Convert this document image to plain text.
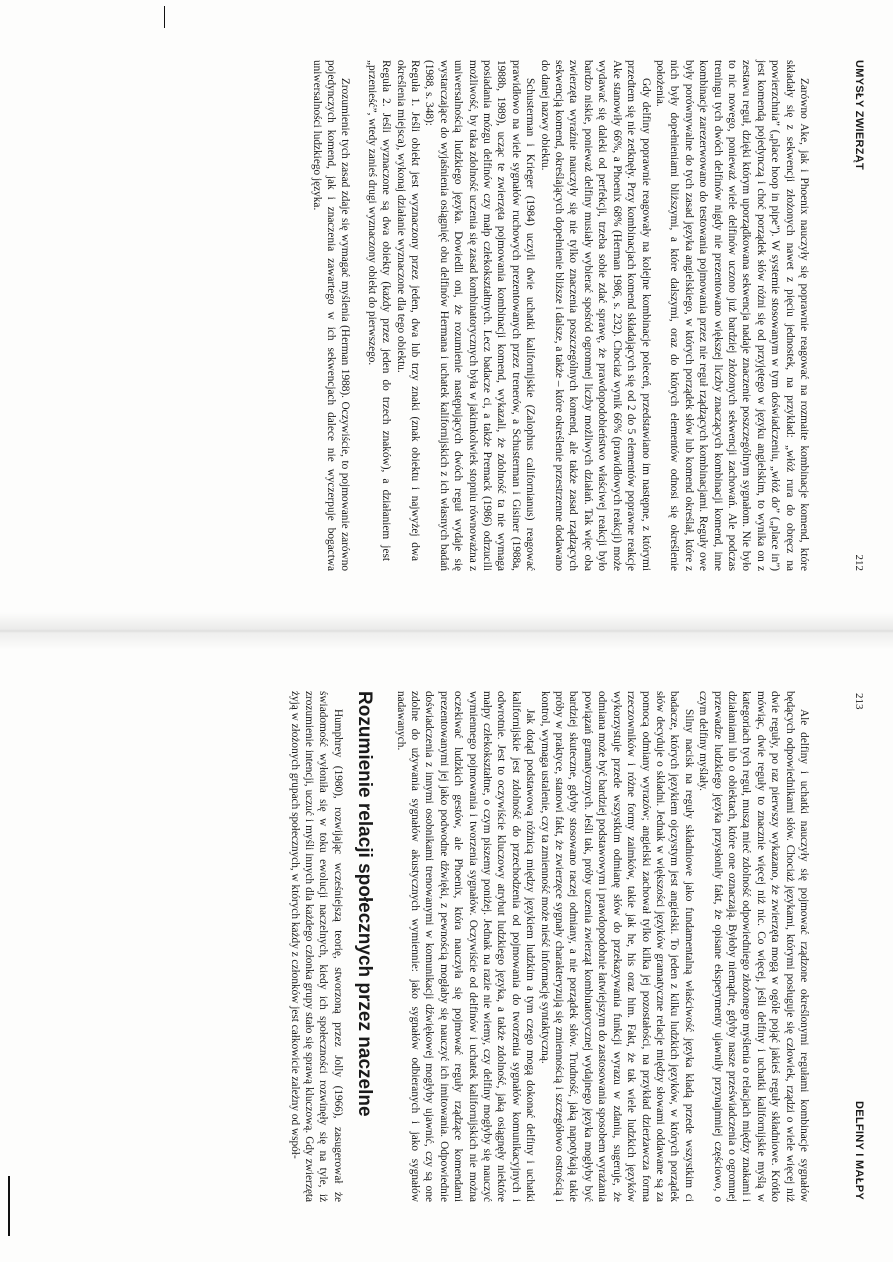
UMYSŁY ZWIERZĄT
212

Zarówno Ake, jak i Phoenix nauczyły się poprawnie reagować na rozmaite kombinacje komend, które składały się z sekwencji złożonych nawet z pięciu jednostek, na przykład: „włóż rura do obręcz na powierzchnia” („place hoop in pipe”). W systemie stosowanym w tym doświadczeniu, „włóż do” („place in”) jest komendą pojedynczą i choć porządek słów różni się od przyjętego w języku angielskim, to wynika on z zestawu reguł, dzięki którym uporządkowana sekwencja nadaje znaczenie poszczególnym sygnałom. Nie było to nic nowego, ponieważ wiele delfinów uczono już bardziej złożonych sekwencji zachowań. Ale podczas treningu tych dwóch delfinów nigdy nie prezentowano większej liczby znaczących kombinacji komend, inne kombinacje zarezerwowano do testowania pojmowania przez nie reguł rządzących kombinacjami. Reguły owe były porównywalne do tych zasad języka angielskiego, w których porządek słów lub komend określał, które z nich były dopełnieniami bliższymi, a które dalszymi, oraz do których elementów odnosi się określenie położenia.

Gdy delfiny poprawnie reagowały na kolejne kombinacje poleceń, przedstawiano im następne, z którymi przedtem się nie zetknęły. Przy kombinacjach komend składających się od 2 do 5 elementów poprawne reakcje Ake stanowiły 66%, a Phoenix 68% (Herman 1986, s. 232). Chociaż wynik 66% (prawidłowych reakcji) może wydawać się daleki od perfekcji, trzeba sobie zdać sprawę, że prawdopodobieństwo właściwej reakcji było bardzo niskie, ponieważ delfiny musiały wybierać spośród ogromnej liczby możliwych działań. Tak więc oba zwierzęta wyraźnie nauczyły się nie tylko znaczenia poszczególnych komend, ale także zasad rządzących sekwencją komend, określających dopełnienie bliższe i dalsze, a także – które określenie przestrzenne dodawano do danej nazwy obiektu.

Schusterman i Krieger (1984) uczyli dwie uchatki kalifornijskie (Zalophus californianus) reagować prawidłowo na wiele sygnałów ruchowych prezentowanych przez trenerów, a Schusterman i Gisiner (1988a, 1988b, 1989), ucząc te zwierzęta pojmowania kombinacji komend, wykazali, że zdolność ta nie wymaga posiadania mózgu delfinów czy małp człekokształtnych. Lecz badacze ci, a także Premack (1986) odrzucili możliwość, by taka zdolność uczenia się zasad kombinatorycznych była w jakimkolwiek stopniu równoważna z uniwersalnością ludzkiego języka. Dowiedli oni, że rozumienie następujących dwóch reguł wydaje się wystarczające do wyjaśnienia osiągnięć obu delfinów Hermana i uchatek kalifornijskich z ich własnych badań (1988, s. 348):

Reguła 1. Jeśli obiekt jest wyznaczony przez jeden, dwa lub trzy znaki (znak obiektu i najwyżej dwa określenia miejsca), wykonaj działanie wyznaczone dla tego obiektu.

Reguła 2. Jeśli wyznaczone są dwa obiekty (każdy przez jeden do trzech znaków), a działaniem jest „przenieść”, wtedy zanieś drugi wyznaczony obiekt do pierwszego.

Zrozumienie tych zasad zdaje się wymagać myślenia (Herman 1988). Oczywiście, to pojmowanie zarówno pojedynczych komend, jak i znaczenia zawartego w ich sekwencjach dalece nie wyczerpuje bogactwa uniwersalności ludzkiego języka.

DELFINY I MAŁPY
213

Ale delfiny i uchatki nauczyły się pojmować rządzone określonymi regułami kombinacje sygnałów będących odpowiednikami słów. Chociaż językami, którymi posługuje się człowiek, rządzi o wiele więcej niż dwie reguły, po raz pierwszy wykazano, że zwierzęta mogą w ogóle pojąć jakieś reguły składniowe. Krótko mówiąc, dwie reguły to znacznie więcej niż nic. Co więcej, jeśli delfiny i uchatki kalifornijskie myślą w kategoriach tych reguł, muszą mieć zdolność odpowiedniego złożonego myślenia o relacjach między znakami i działaniami lub o obiektach, które one oznaczają. Byłoby niemądre, gdyby nasze przeświadczenia o ogromnej przewadze ludzkiego języka przysłoniły fakt, że opisane eksperymenty ujawniły przynajmniej częściowo, o czym delfiny myślały.

Silny nacisk na reguły składniowe jako fundamentalną właściwość języka kładą przede wszystkim ci badacze, których językiem ojczystym jest angielski. To jeden z kilku ludzkich języków, w których porządek słów decyduje o składni. Jednak w większości języków gramatyczne relacje między słowami oddawane są za pomocą odmiany wyrazów; angielski zachował tylko kilka jej pozostałości, na przykład dzierżawcza forma rzeczowników i różne formy zaimków, takie jak he, his oraz him. Fakt, że tak wiele ludzkich języków wykorzystuje przede wszystkim odmianę słów do przekazywania funkcji wyrazu w zdaniu, sugeruje, że odmiana może być bardziej podstawowym i prawdopodobnie łatwiejszym do zastosowania sposobem wyrażania powiązań gramatycznych. Jeśli tak, próby uczenia zwierząt kombinatorycznej wydajnego języka mogłyby być bardziej skuteczne, gdyby stosowano raczej odmiany, a nie porządek słów. Trudność, jaką napotykają takie próby w praktyce, stanowi fakt, że zwierzęce sygnały charakteryzują się zmiennością i szczegółowo ostrością i kontrol, wymaga ustalenie, czy ta zmienność może nieść informację syntaktyczną.

Jak dotąd podstawową różnicą między językiem ludzkim a tym czego mogą dokonać delfiny i uchatki kalifornijskie jest zdolność do przechodzenia od pojmowania do tworzenia sygnałów komunikacyjnych i odwrotnie. Jest to oczywiście kluczowy atrybut ludzkiego języka, a także zdolność, jaką osiągnęły niektóre małpy człekokształtne, o czym piszemy poniżej. Jednak na razie nie wiemy, czy delfiny mogłyby się nauczyć wymiennego pojmowania i tworzenia sygnałów. Oczywiście od delfinów i uchatek kalifornijskich nie można oczekiwać ludzkich gestów, ale Phoenix, która nauczyła się pojmować reguły rządzące komendami prezentowanymi jej jako podwodne dźwięki, z pewnością mogłaby się nauczyć ich imitowania. Odpowiednie doświadczenia z innymi osobnikami trenowanymi w komunikacji dźwiękowej mogłyby ujawnić, czy są one zdolne do używania sygnałów akustycznych wymiennie: jako sygnałów odbieranych i jako sygnałów nadawanych.

Rozumienie relacji społecznych przez naczelne

Humphrey (1980), rozwijając wcześniejszą teorię, stworzoną przez Jolly (1966), zasugerował że świadomość wyłoniła się w toku ewolucji naczelnych, kiedy ich społeczności rozwinęły się na tyle, iż zrozumienie intencji, uczuć i myśli innych dla każdego członka grupy stało się sprawą kluczową. Gdy zwierzęta żyją w złożonych grupach społecznych, w których każdy z członków jest całkowicie zależny od współ-
